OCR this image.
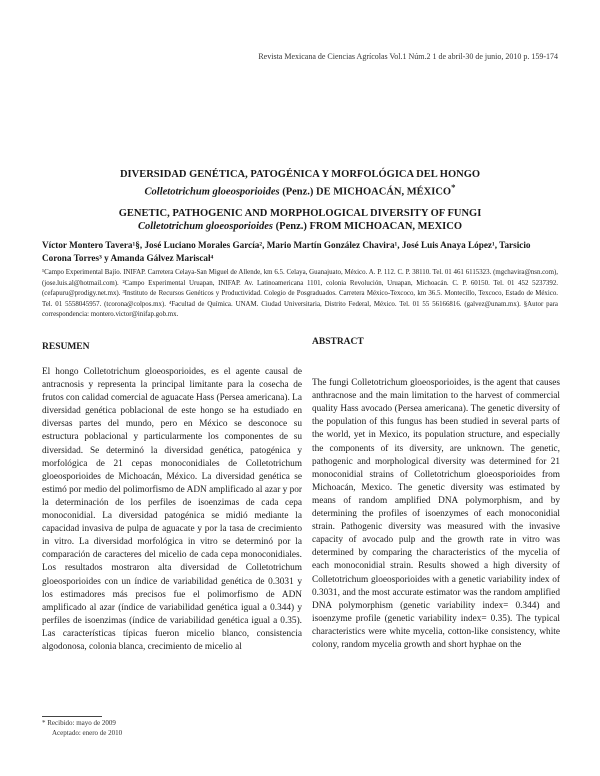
Revista Mexicana de Ciencias Agrícolas Vol.1 Núm.2 1 de abril-30 de junio, 2010 p. 159-174
DIVERSIDAD GENÉTICA, PATOGÉNICA Y MORFOLÓGICA DEL HONGO
Colletotrichum gloeosporioides (Penz.) DE MICHOACÁN, MÉXICO*
GENETIC, PATHOGENIC AND MORPHOLOGICAL DIVERSITY OF FUNGI
Colletotrichum gloeosporioides (Penz.) FROM MICHOACAN, MEXICO
Víctor Montero Tavera¹§, José Luciano Morales García², Mario Martín González Chavira¹, José Luis Anaya López¹, Tarsicio Corona Torres³ y Amanda Gálvez Mariscal⁴
¹Campo Experimental Bajío. INIFAP. Carretera Celaya-San Miguel de Allende, km 6.5. Celaya, Guanajuato, México. A. P. 112. C. P. 38110. Tel. 01 461 6115323. (mgchavira@nsn.com), (jose.luis.al@hotmail.com). ²Campo Experimental Uruapan, INIFAP. Av. Latinoamericana 1101, colonia Revolución, Uruapan, Michoacán. C. P. 60150. Tel. 01 452 5237392. (cefapuru@prodigy.net.mx). ³Instituto de Recursos Genéticos y Productividad. Colegio de Posgraduados. Carretera México-Texcoco, km 36.5. Montecillo, Texcoco, Estado de México. Tel. 01 5558045957. (tcorona@colpos.mx). ⁴Facultad de Química. UNAM. Ciudad Universitaria, Distrito Federal, México. Tel. 01 55 56166816. (galvez@unam.mx). §Autor para correspondencia: montero.victor@inifap.gob.mx.
RESUMEN

El hongo Colletotrichum gloeosporioides, es el agente causal de antracnosis y representa la principal limitante para la cosecha de frutos con calidad comercial de aguacate Hass (Persea americana). La diversidad genética poblacional de este hongo se ha estudiado en diversas partes del mundo, pero en México se desconoce su estructura poblacional y particularmente los componentes de su diversidad. Se determinó la diversidad genética, patogénica y morfológica de 21 cepas monoconidiales de Colletotrichum gloeosporioides de Michoacán, México. La diversidad genética se estimó por medio del polimorfismo de ADN amplificado al azar y por la determinación de los perfiles de isoenzimas de cada cepa monoconidial. La diversidad patogénica se midió mediante la capacidad invasiva de pulpa de aguacate y por la tasa de crecimiento in vitro. La diversidad morfológica in vitro se determinó por la comparación de caracteres del micelio de cada cepa monoconidiales. Los resultados mostraron alta diversidad de Colletotrichum gloeosporioides con un índice de variabilidad genética de 0.3031 y los estimadores más precisos fue el polimorfismo de ADN amplificado al azar (índice de variabilidad genética igual a 0.344) y perfiles de isoenzimas (índice de variabilidad genética igual a 0.35). Las características típicas fueron micelio blanco, consistencia algodonosa, colonia blanca, crecimiento de micelio al

ABSTRACT

The fungi Colletotrichum gloeosporioides, is the agent that causes anthracnose and the main limitation to the harvest of commercial quality Hass avocado (Persea americana). The genetic diversity of the population of this fungus has been studied in several parts of the world, yet in Mexico, its population structure, and especially the components of its diversity, are unknown. The genetic, pathogenic and morphological diversity was determined for 21 monoconidial strains of Colletotrichum gloeosporioides from Michoacán, Mexico. The genetic diversity was estimated by means of random amplified DNA polymorphism, and by determining the profiles of isoenzymes of each monoconidial strain. Pathogenic diversity was measured with the invasive capacity of avocado pulp and the growth rate in vitro was determined by comparing the characteristics of the mycelia of each monoconidial strain. Results showed a high diversity of Colletotrichum gloeosporioides with a genetic variability index of 0.3031, and the most accurate estimator was the random amplified DNA polymorphism (genetic variability index= 0.344) and isoenzyme profile (genetic variability index= 0.35). The typical characteristics were white mycelia, cotton-like consistency, white colony, random mycelia growth and short hyphae on the

* Recibido: mayo de 2009
Aceptado: enero de 2010
